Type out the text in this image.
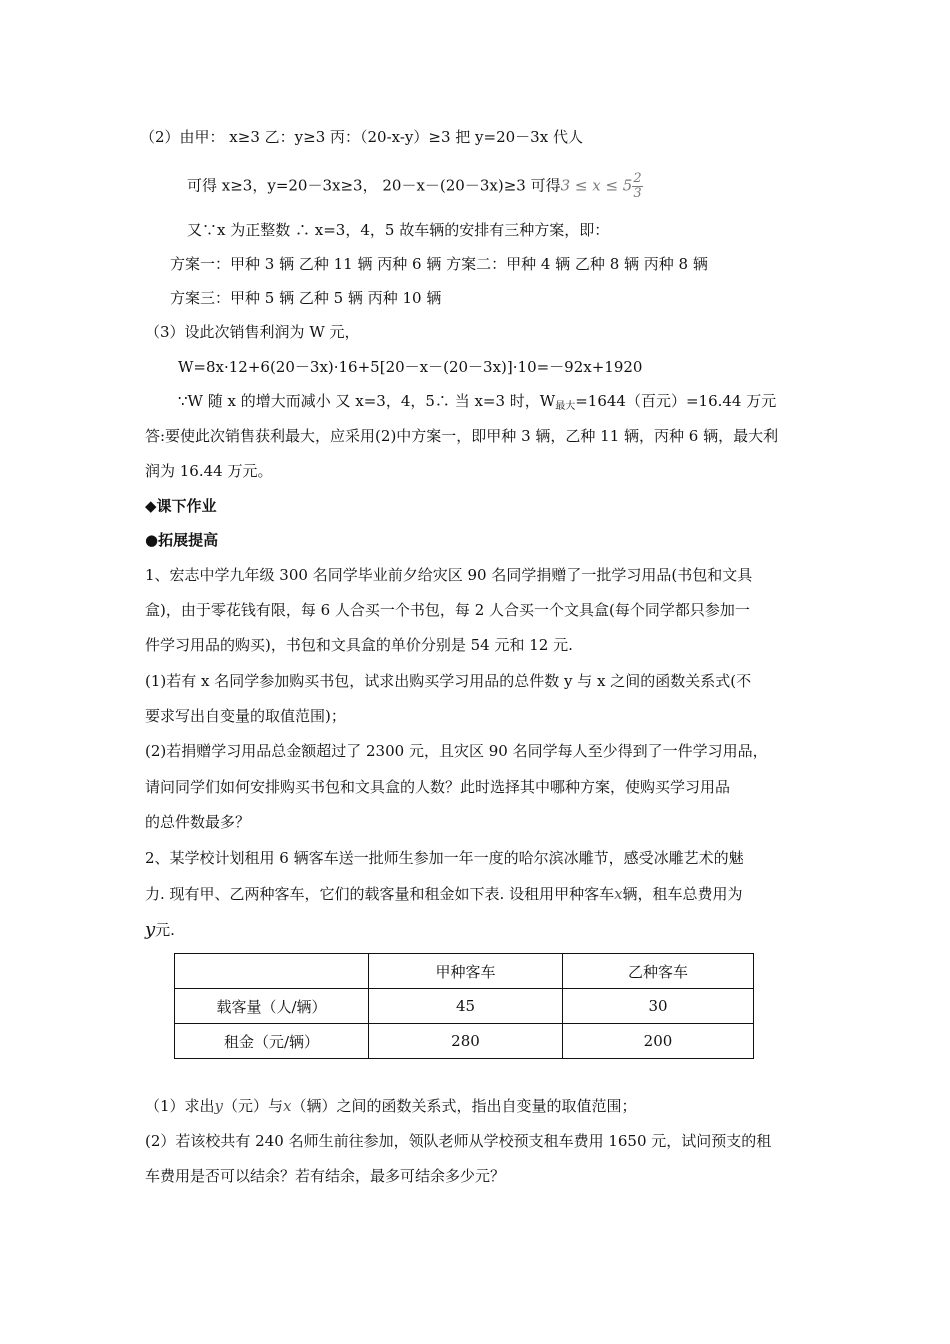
（2）由甲： x≥3 乙：y≥3 丙：（20-x-y）≥3 把 y=20－3x 代人
可得 x≥3，y=20－3x≥3， 20－x－(20－3x)≥3 可得$3 \le x \le 5 \frac{2}{3}$
又∵x 为正整数 ∴ x=3，4，5 故车辆的安排有三种方案，即：
方案一：甲种 3 辆 乙种 11 辆 丙种 6 辆 方案二：甲种 4 辆 乙种 8 辆 丙种 8 辆
方案三：甲种 5 辆 乙种 5 辆 丙种 10 辆
（3）设此次销售利润为 W 元，
W=8x·12+6(20－3x)·16+5[20－x－(20－3x)]·10=－92x+1920
∵W 随 x 的增大而减小 又 x=3，4，5∴ 当 x=3 时，$W_{最大}=1644$（百元）=16.44 万元
答:要使此次销售获利最大，应采用(2)中方案一，即甲种 3 辆，乙种 11 辆，丙种 6 辆，最大利
润为 16.44 万元。
◆课下作业
●拓展提高
1、宏志中学九年级 300 名同学毕业前夕给灾区 90 名同学捐赠了一批学习用品(书包和文具
盒)，由于零花钱有限，每 6 人合买一个书包，每 2 人合买一个文具盒(每个同学都只参加一
件学习用品的购买)，书包和文具盒的单价分别是 54 元和 12 元.
(1)若有 x 名同学参加购买书包，试求出购买学习用品的总件数 y 与 x 之间的函数关系式(不
要求写出自变量的取值范围)；
(2)若捐赠学习用品总金额超过了 2300 元，且灾区 90 名同学每人至少得到了一件学习用品，
请问同学们如何安排购买书包和文具盒的人数？此时选择其中哪种方案，使购买学习用品
的总件数最多？
2、某学校计划租用 6 辆客车送一批师生参加一年一度的哈尔滨冰雕节，感受冰雕艺术的魅
力. 现有甲、乙两种客车，它们的载客量和租金如下表. 设租用甲种客车x辆，租车总费用为
y元.
	甲种客车	乙种客车
载客量（人/辆）	45	30
租金（元/辆）	280	200
（1）求出y（元）与x（辆）之间的函数关系式，指出自变量的取值范围；
(2）若该校共有 240 名师生前往参加，领队老师从学校预支租车费用 1650 元，试问预支的租
车费用是否可以结余？若有结余，最多可结余多少元？
